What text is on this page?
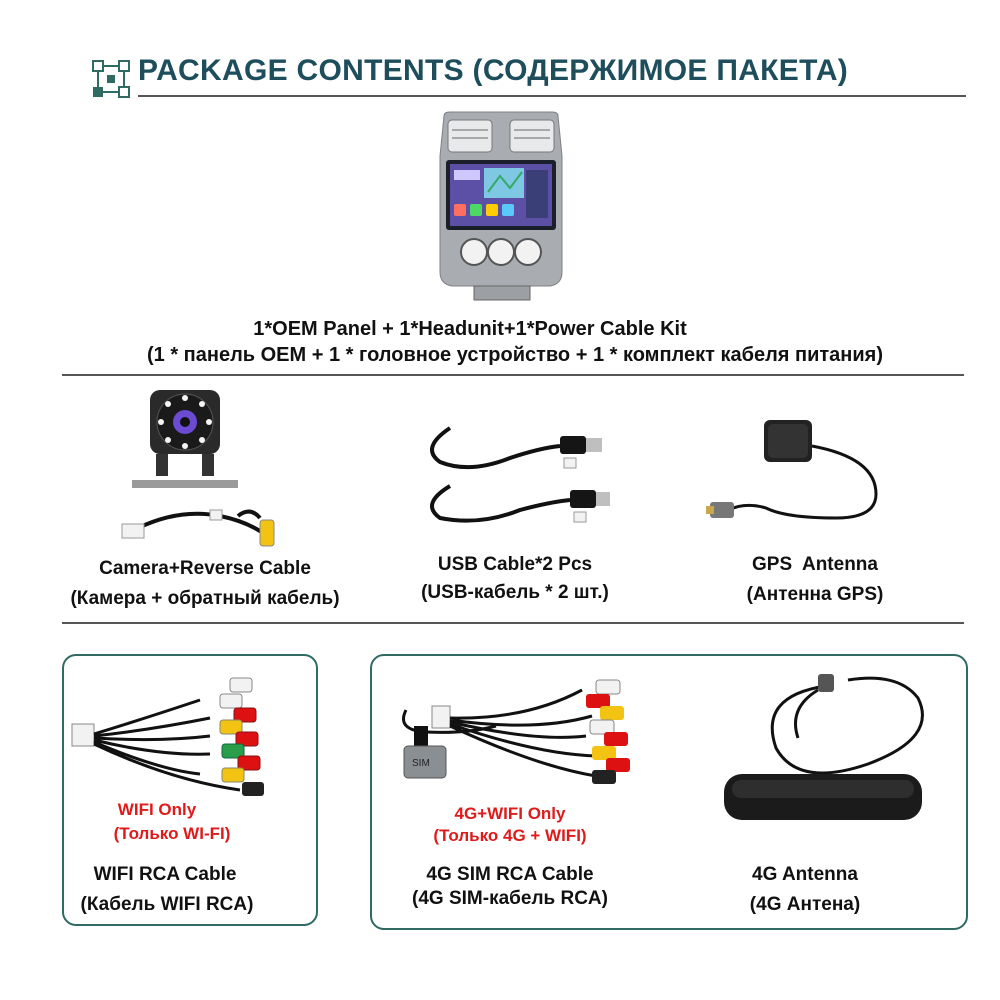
PACKAGE CONTENTS (СОДЕРЖИМОЕ ПАКЕТА)
1*OEM Panel + 1*Headunit+1*Power Cable Kit
(1 * панель OEM + 1 * головное устройство + 1 * комплект кабеля питания)
Camera+Reverse Cable
(Камера + обратный кабель)
USB Cable*2 Pcs
(USB-кабель * 2 шт.)
GPS  Antenna
(Антенна GPS)
WIFI Only
(Только WI-FI)
WIFI RCA Cable
(Кабель WIFI RCA)
SIM
4G+WIFI Only
(Только 4G + WIFI)
4G SIM RCA Cable
(4G SIM-кабель RCA)
4G Antenna
(4G Антена)
